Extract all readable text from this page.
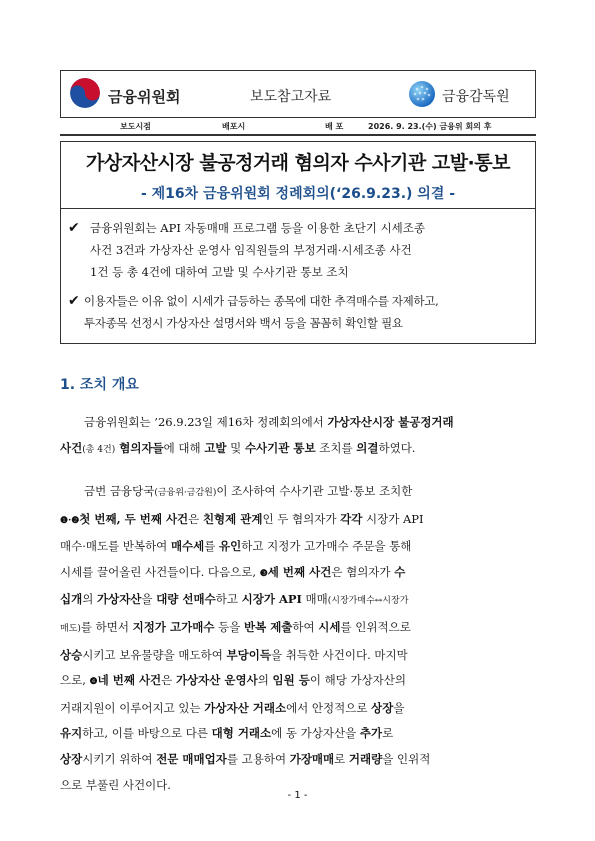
금융위원회	보도참고자료	금융감독원
보도시점	배포시	배 포	2026. 9. 23.(수) 금융위 회의 후
가상자산시장 불공정거래 혐의자 수사기관 고발·통보
- 제16차 금융위원회 정례회의(‘26.9.23.) 의결 -
✔ 금융위원회는 API 자동매매 프로그램 등을 이용한 초단기 시세조종
사건 3건과 가상자산 운영사 임직원들의 부정거래·시세조종 사건
1건 등 총 4건에 대하여 고발 및 수사기관 통보 조치
✔ 이용자들은 이유 없이 시세가 급등하는 종목에 대한 추격매수를 자제하고,
투자종목 선정시 가상자산 설명서와 백서 등을 꼼꼼히 확인할 필요
1. 조치 개요
금융위원회는 ’26.9.23일 제16차 정례회의에서 가상자산시장 불공정거래
사건(총 4건) 혐의자들에 대해 고발 및 수사기관 통보 조치를 의결하였다.
금번 금융당국(금융위·금감원)이 조사하여 수사기관 고발·통보 조치한
❶·❷첫 번째, 두 번째 사건은 친형제 관계인 두 혐의자가 각각 시장가 API
매수·매도를 반복하여 매수세를 유인하고 지정가 고가매수 주문을 통해
시세를 끌어올린 사건들이다. 다음으로, ❸세 번째 사건은 혐의자가 수
십개의 가상자산을 대량 선매수하고 시장가 API 매매(시장가매수↔시장가
매도)를 하면서 지정가 고가매수 등을 반복 제출하여 시세를 인위적으로
상승시키고 보유물량을 매도하여 부당이득을 취득한 사건이다. 마지막
으로, ❹네 번째 사건은 가상자산 운영사의 임원 등이 해당 가상자산의
거래지원이 이루어지고 있는 가상자산 거래소에서 안정적으로 상장을
유지하고, 이를 바탕으로 다른 대형 거래소에 동 가상자산을 추가로
상장시키기 위하여 전문 매매업자를 고용하여 가장매매로 거래량을 인위적
으로 부풀린 사건이다.
- 1 -
